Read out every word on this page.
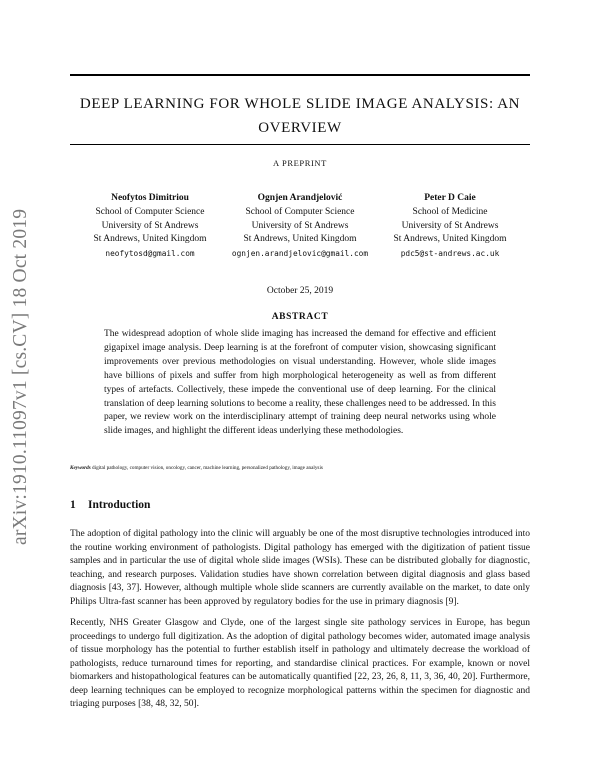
arXiv:1910.11097v1 [cs.CV] 18 Oct 2019
DEEP LEARNING FOR WHOLE SLIDE IMAGE ANALYSIS: AN OVERVIEW
A PREPRINT
Neofytos Dimitriou
School of Computer Science
University of St Andrews
St Andrews, United Kingdom
neofytosd@gmail.com
Ognjen Arandjelović
School of Computer Science
University of St Andrews
St Andrews, United Kingdom
ognjen.arandjelovic@gmail.com
Peter D Caie
School of Medicine
University of St Andrews
St Andrews, United Kingdom
pdc5@st-andrews.ac.uk
October 25, 2019
ABSTRACT
The widespread adoption of whole slide imaging has increased the demand for effective and efficient gigapixel image analysis. Deep learning is at the forefront of computer vision, showcasing significant improvements over previous methodologies on visual understanding. However, whole slide images have billions of pixels and suffer from high morphological heterogeneity as well as from different types of artefacts. Collectively, these impede the conventional use of deep learning. For the clinical translation of deep learning solutions to become a reality, these challenges need to be addressed. In this paper, we review work on the interdisciplinary attempt of training deep neural networks using whole slide images, and highlight the different ideas underlying these methodologies.
Keywords digital pathology, computer vision, oncology, cancer, machine learning, personalized pathology, image analysis
1 Introduction
The adoption of digital pathology into the clinic will arguably be one of the most disruptive technologies introduced into the routine working environment of pathologists. Digital pathology has emerged with the digitization of patient tissue samples and in particular the use of digital whole slide images (WSIs). These can be distributed globally for diagnostic, teaching, and research purposes. Validation studies have shown correlation between digital diagnosis and glass based diagnosis [43, 37]. However, although multiple whole slide scanners are currently available on the market, to date only Philips Ultra-fast scanner has been approved by regulatory bodies for the use in primary diagnosis [9].
Recently, NHS Greater Glasgow and Clyde, one of the largest single site pathology services in Europe, has begun proceedings to undergo full digitization. As the adoption of digital pathology becomes wider, automated image analysis of tissue morphology has the potential to further establish itself in pathology and ultimately decrease the workload of pathologists, reduce turnaround times for reporting, and standardise clinical practices. For example, known or novel biomarkers and histopathological features can be automatically quantified [22, 23, 26, 8, 11, 3, 36, 40, 20]. Furthermore, deep learning techniques can be employed to recognize morphological patterns within the specimen for diagnostic and triaging purposes [38, 48, 32, 50].
